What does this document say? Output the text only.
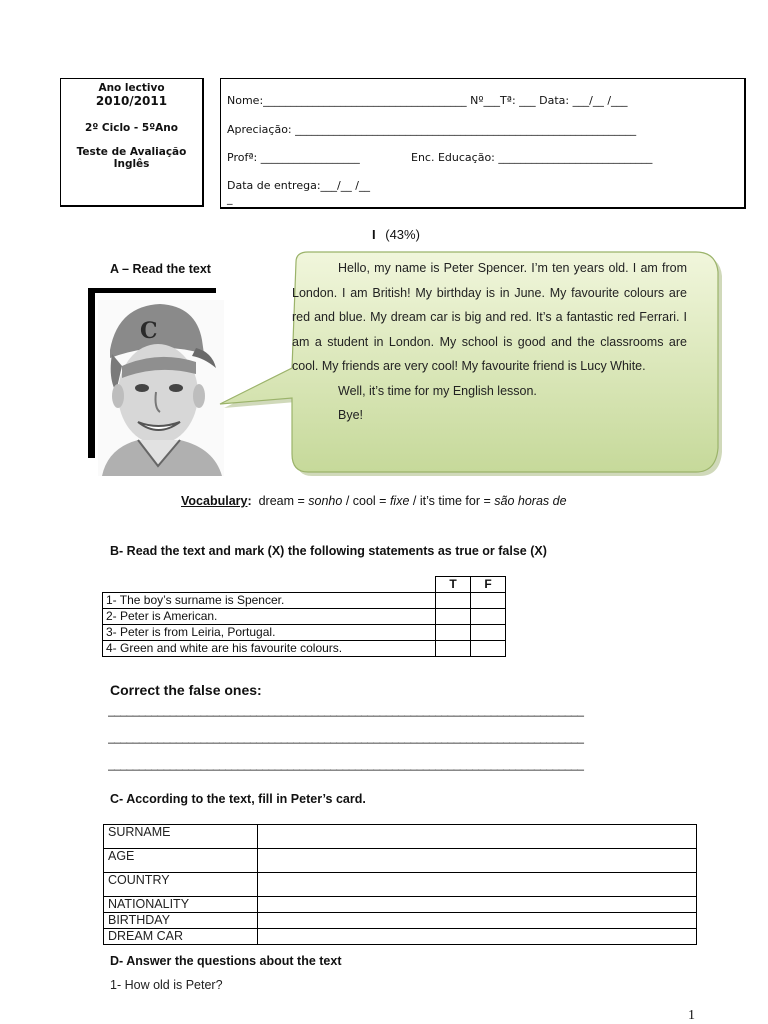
Ano lectivo
2010/2011
2º Ciclo - 5ºAno
Teste de Avaliação
Inglês
Nome:_____________________________________ Nº___Tª: ___ Data: ___/__ /___
Apreciação: ______________________________________________________________
Profª: __________________	Enc. Educação: ____________________________
Data de entrega:___/__ /__
_
I (43%)
A – Read the text
C

Hello, my name is Peter Spencer. I’m ten years old. I am from London. I am British! My birthday is in June. My favourite colours are red and blue. My dream car is big and red. It’s a fantastic red Ferrari. I am a student in London. My school is good and the classrooms are cool. My friends are very cool! My favourite friend is Lucy White.

Well, it’s time for my English lesson.

Bye!

Vocabulary: dream = sonho / cool = fixe / it’s time for = são horas de
B- Read the text and mark (X) the following statements as true or false (X)
	T	F
1- The boy’s surname is Spencer.		
2- Peter is American.		
3- Peter is from Leiria, Portugal.		
4- Green and white are his favourite colours.		
Correct the false ones:
_____________________________________________________________________________
_____________________________________________________________________________
_____________________________________________________________________________
C- According to the text, fill in Peter’s card.
SURNAME	
AGE	
COUNTRY	
NATIONALITY	
BIRTHDAY	
DREAM CAR	
D- Answer the questions about the text
1- How old is Peter?
1
